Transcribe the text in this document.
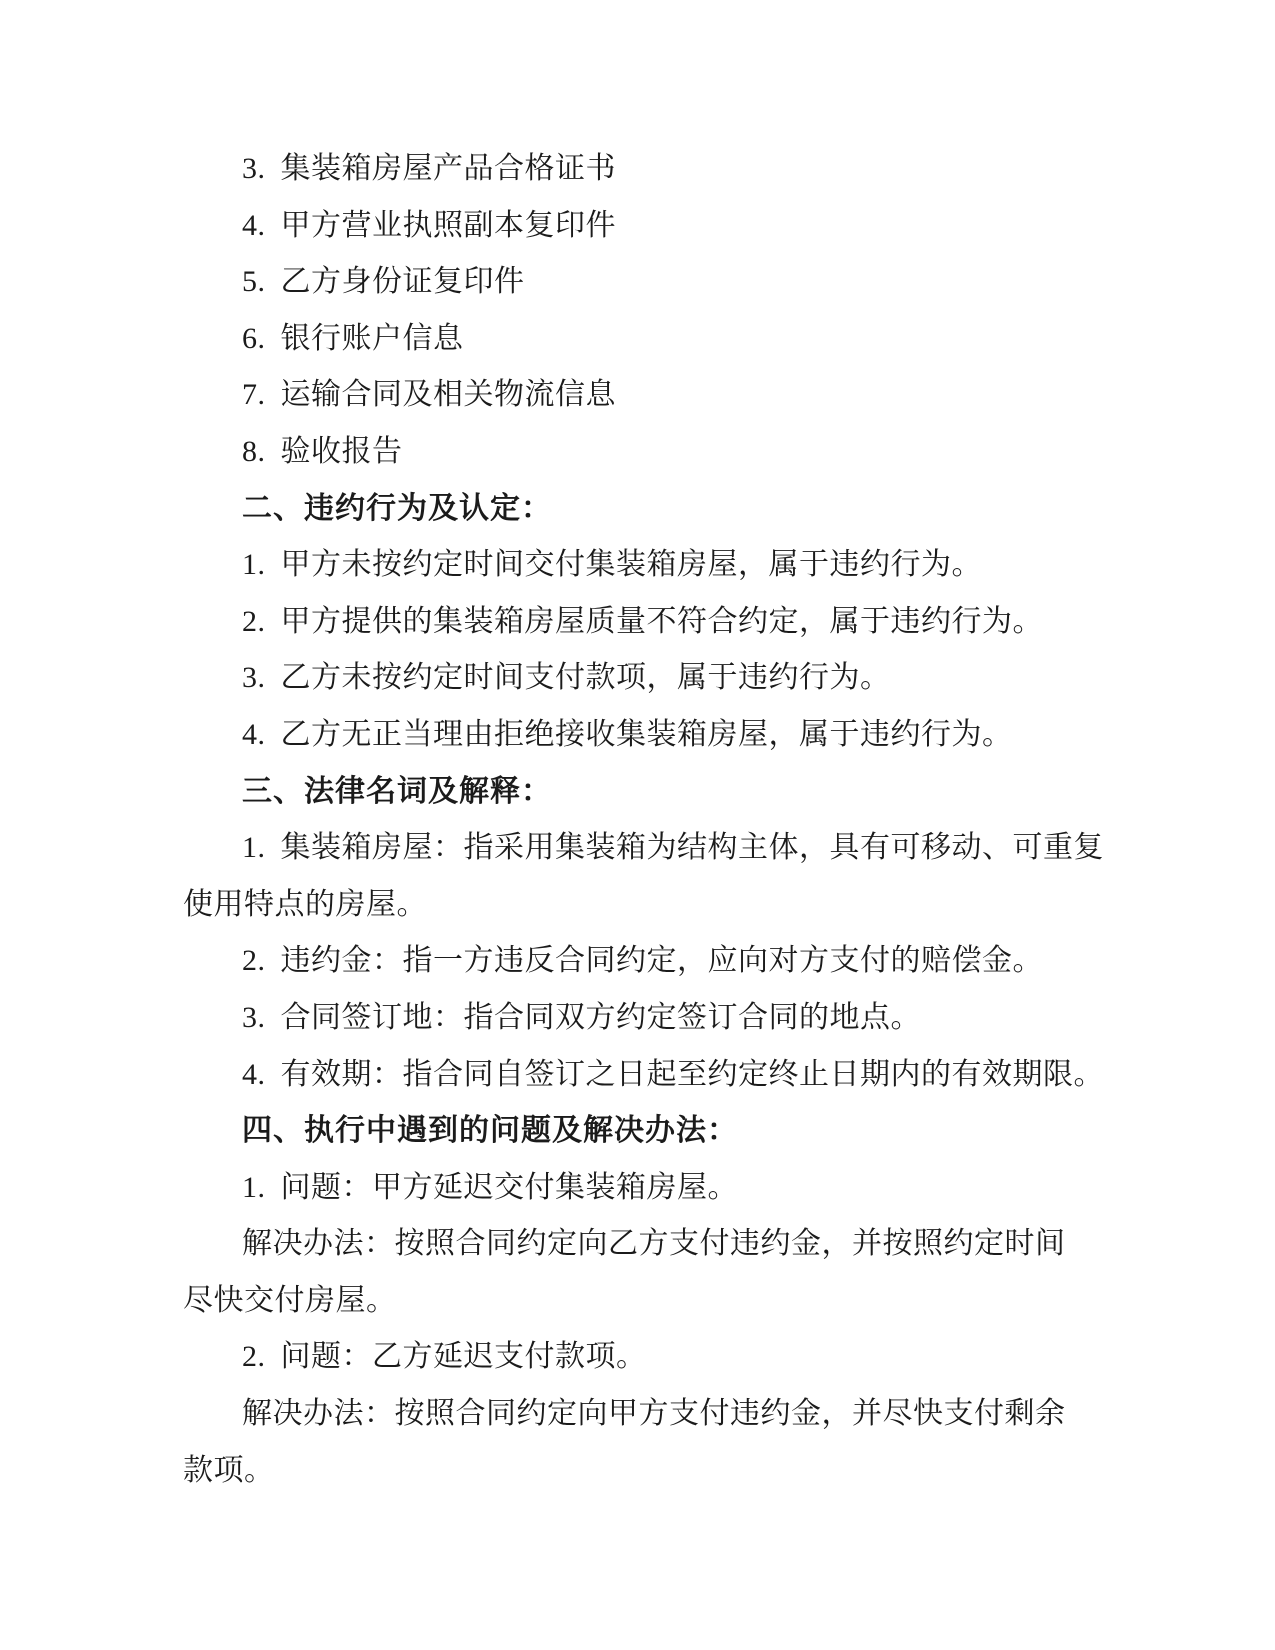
3. 集装箱房屋产品合格证书

4. 甲方营业执照副本复印件

5. 乙方身份证复印件

6. 银行账户信息

7. 运输合同及相关物流信息

8. 验收报告

二、违约行为及认定：

1. 甲方未按约定时间交付集装箱房屋，属于违约行为。

2. 甲方提供的集装箱房屋质量不符合约定，属于违约行为。

3. 乙方未按约定时间支付款项，属于违约行为。

4. 乙方无正当理由拒绝接收集装箱房屋，属于违约行为。

三、法律名词及解释：

1. 集装箱房屋：指采用集装箱为结构主体，具有可移动、可重复

使用特点的房屋。

2. 违约金：指一方违反合同约定，应向对方支付的赔偿金。

3. 合同签订地：指合同双方约定签订合同的地点。

4. 有效期：指合同自签订之日起至约定终止日期内的有效期限。

四、执行中遇到的问题及解决办法：

1. 问题：甲方延迟交付集装箱房屋。

解决办法：按照合同约定向乙方支付违约金，并按照约定时间

尽快交付房屋。

2. 问题：乙方延迟支付款项。

解决办法：按照合同约定向甲方支付违约金，并尽快支付剩余

款项。
